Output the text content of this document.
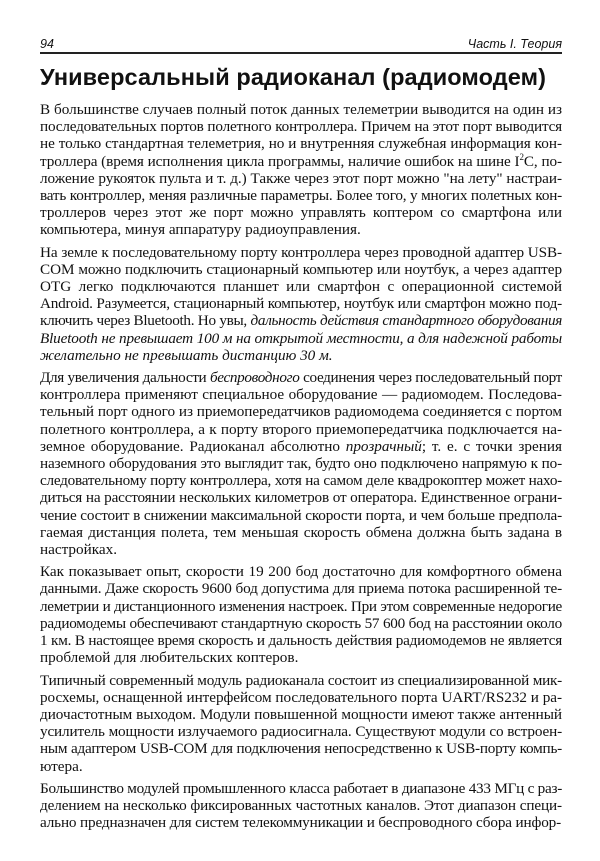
94	Часть I. Теория
Универсальный радиоканал (радиомодем)

В большинстве случаев полный поток данных телеметрии выводится на один из
последовательных портов полетного контроллера. Причем на этот порт выводится
не только стандартная телеметрия, но и внутренняя служебная информация кон-
троллера (время исполнения цикла программы, наличие ошибок на шине $I^2C$, по-
ложение рукояток пульта и т. д.) Также через этот порт можно "на лету" настраи-
вать контроллер, меняя различные параметры. Более того, у многих полетных кон-
троллеров через этот же порт можно управлять коптером со смартфона или
компьютера, минуя аппаратуру радиоуправления.

На земле к последовательному порту контроллера через проводной адаптер USB-
COM можно подключить стационарный компьютер или ноутбук, а через адаптер
OTG легко подключаются планшет или смартфон с операционной системой
Android. Разумеется, стационарный компьютер, ноутбук или смартфон можно под-
ключить через Bluetooth. Но увы, дальность действия стандартного оборудования
Bluetooth не превышает 100 м на открытой местности, а для надежной работы
желательно не превышать дистанцию 30 м.

Для увеличения дальности беспроводного соединения через последовательный порт
контроллера применяют специальное оборудование — радиомодем. Последова-
тельный порт одного из приемопередатчиков радиомодема соединяется с портом
полетного контроллера, а к порту второго приемопередатчика подключается на-
земное оборудование. Радиоканал абсолютно прозрачный; т. е. с точки зрения
наземного оборудования это выглядит так, будто оно подключено напрямую к по-
следовательному порту контроллера, хотя на самом деле квадрокоптер может нахо-
диться на расстоянии нескольких километров от оператора. Единственное ограни-
чение состоит в снижении максимальной скорости порта, и чем больше предпола-
гаемая дистанция полета, тем меньшая скорость обмена должна быть задана в
настройках.

Как показывает опыт, скорости 19 200 бод достаточно для комфортного обмена
данными. Даже скорость 9600 бод допустима для приема потока расширенной те-
леметрии и дистанционного изменения настроек. При этом современные недорогие
радиомодемы обеспечивают стандартную скорость 57 600 бод на расстоянии около
1 км. В настоящее время скорость и дальность действия радиомодемов не является
проблемой для любительских коптеров.

Типичный современный модуль радиоканала состоит из специализированной мик-
росхемы, оснащенной интерфейсом последовательного порта UART/RS232 и ра-
диочастотным выходом. Модули повышенной мощности имеют также антенный
усилитель мощности излучаемого радиосигнала. Существуют модули со встроен-
ным адаптером USB-COM для подключения непосредственно к USB-порту компь-
ютера.

Большинство модулей промышленного класса работает в диапазоне 433 МГц с раз-
делением на несколько фиксированных частотных каналов. Этот диапазон специ-
ально предназначен для систем телекоммуникации и беспроводного сбора инфор-
